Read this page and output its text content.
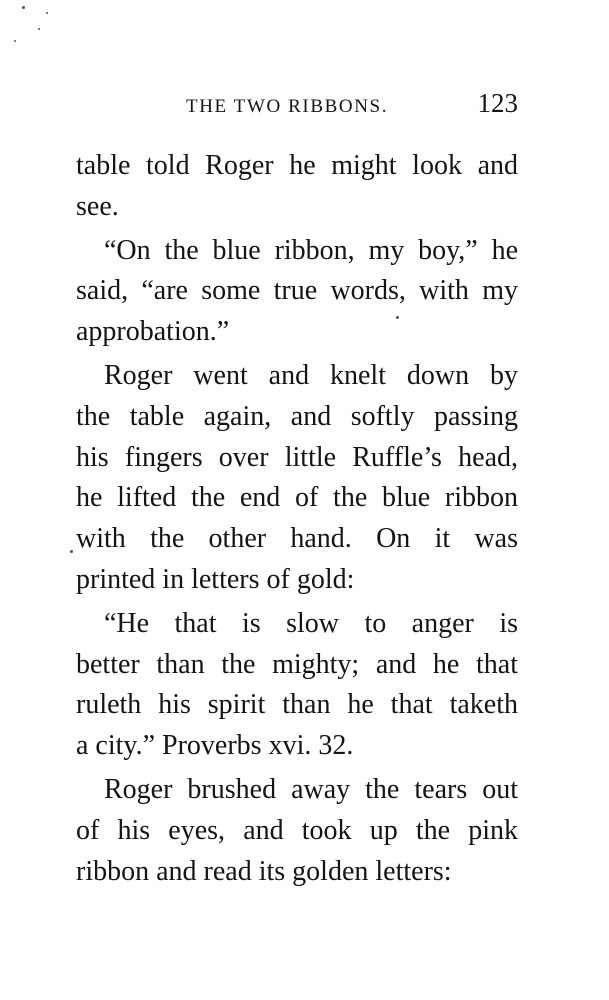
THE TWO RIBBONS.	123
table told Roger he might look and
see.
“On the blue ribbon, my boy,” he
said, “are some true words, with my
approbation.”
Roger went and knelt down by
the table again, and softly passing
his fingers over little Ruffle’s head,
he lifted the end of the blue ribbon
with the other hand. On it was
printed in letters of gold:
“He that is slow to anger is
better than the mighty; and he that
ruleth his spirit than he that taketh
a city.” Proverbs xvi. 32.
Roger brushed away the tears out
of his eyes, and took up the pink
ribbon and read its golden letters:
